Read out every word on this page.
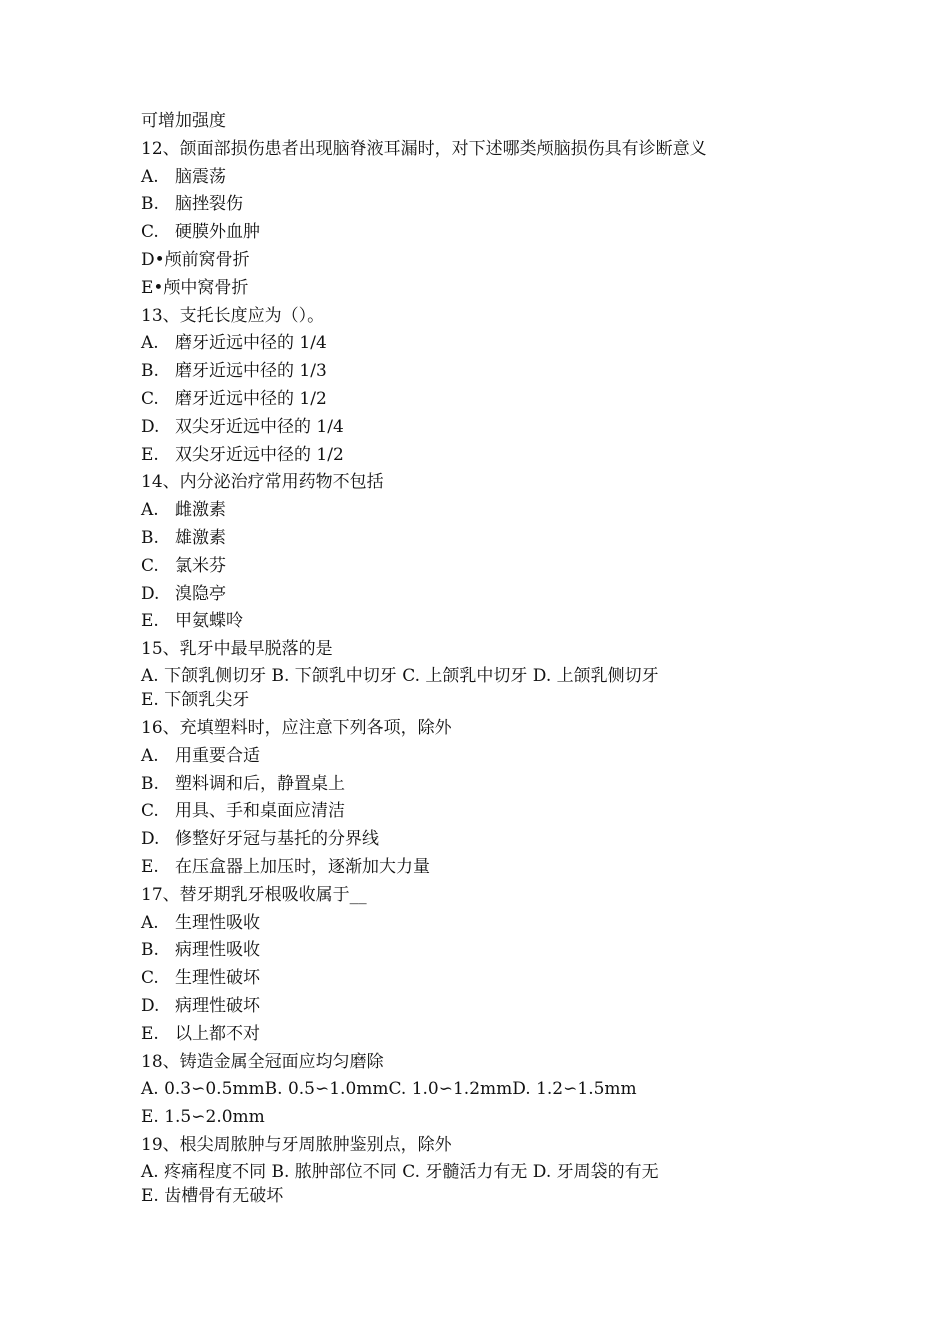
可增加强度
12、颌面部损伤患者出现脑脊液耳漏时，对下述哪类颅脑损伤具有诊断意义
A. 脑震荡
B. 脑挫裂伤
C. 硬膜外血肿
D•颅前窝骨折
E•颅中窝骨折
13、支托长度应为（）。
A. 磨牙近远中径的 1/4
B. 磨牙近远中径的 1/3
C. 磨牙近远中径的 1/2
D. 双尖牙近远中径的 1/4
E. 双尖牙近远中径的 1/2
14、内分泌治疗常用药物不包括
A. 雌激素
B. 雄激素
C. 氯米芬
D. 溴隐亭
E. 甲氨蝶呤
15、乳牙中最早脱落的是
A. 下颌乳侧切牙 B. 下颌乳中切牙 C. 上颌乳中切牙 D. 上颌乳侧切牙 E. 下颌乳尖牙
16、充填塑料时，应注意下列各项，除外
A. 用重要合适
B. 塑料调和后，静置桌上
C. 用具、手和桌面应清洁
D. 修整好牙冠与基托的分界线
E. 在压盒器上加压时，逐渐加大力量
17、替牙期乳牙根吸收属于__
A. 生理性吸收
B. 病理性吸收
C. 生理性破坏
D. 病理性破坏
E. 以上都不对
18、铸造金属全冠面应均匀磨除
A. 0.3∽0.5mmB. 0.5∽1.0mmC. 1.0∽1.2mmD. 1.2∽1.5mm
E. 1.5∽2.0mm
19、根尖周脓肿与牙周脓肿鉴别点，除外
A. 疼痛程度不同 B. 脓肿部位不同 C. 牙髓活力有无 D. 牙周袋的有无 E. 齿槽骨有无破坏
